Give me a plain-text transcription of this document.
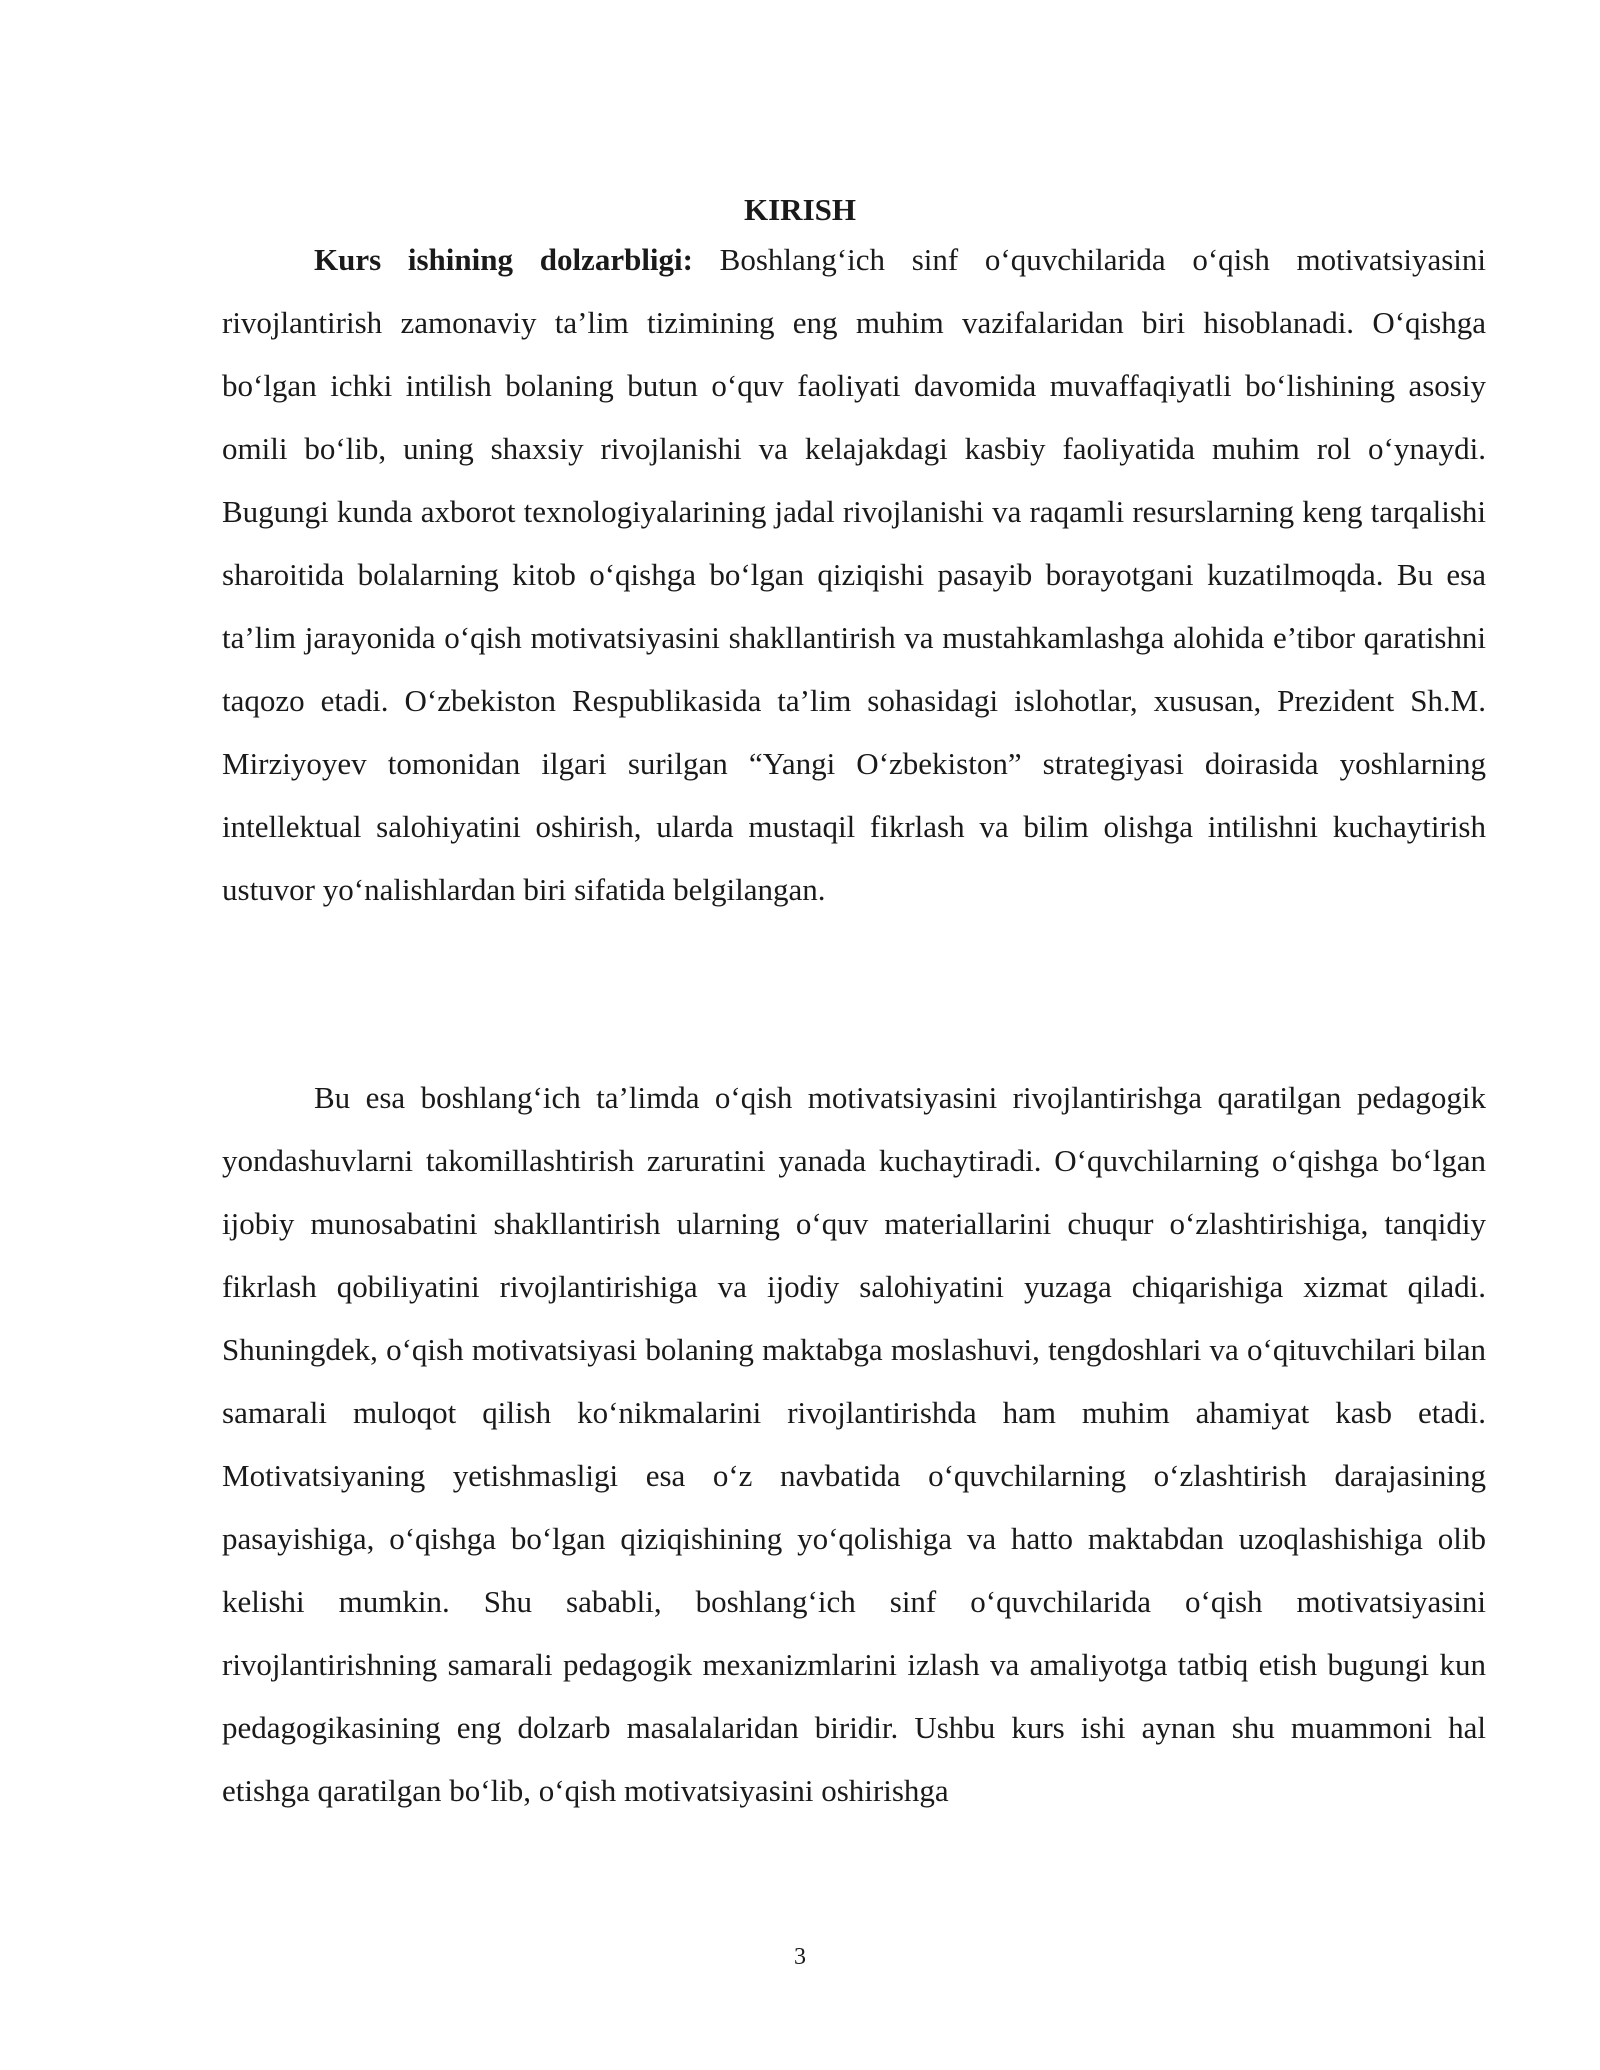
KIRISH

Kurs ishining dolzarbligi: Boshlang‘ich sinf o‘quvchilarida o‘qish motivatsiyasini rivojlantirish zamonaviy ta’lim tizimining eng muhim vazifalaridan biri hisoblanadi. O‘qishga bo‘lgan ichki intilish bolaning butun o‘quv faoliyati davomida muvaffaqiyatli bo‘lishining asosiy omili bo‘lib, uning shaxsiy rivojlanishi va kelajakdagi kasbiy faoliyatida muhim rol o‘ynaydi. Bugungi kunda axborot texnologiyalarining jadal rivojlanishi va raqamli resurslarning keng tarqalishi sharoitida bolalarning kitob o‘qishga bo‘lgan qiziqishi pasayib borayotgani kuzatilmoqda. Bu esa ta’lim jarayonida o‘qish motivatsiyasini shakllantirish va mustahkamlashga alohida e’tibor qaratishni taqozo etadi. O‘zbekiston Respublikasida ta’lim sohasidagi islohotlar, xususan, Prezident Sh.M. Mirziyoyev tomonidan ilgari surilgan “Yangi O‘zbekiston” strategiyasi doirasida yoshlarning intellektual salohiyatini oshirish, ularda mustaqil fikrlash va bilim olishga intilishni kuchaytirish ustuvor yo‘nalishlardan biri sifatida belgilangan.

Bu esa boshlang‘ich ta’limda o‘qish motivatsiyasini rivojlantirishga qaratilgan pedagogik yondashuvlarni takomillashtirish zaruratini yanada kuchaytiradi. O‘quvchilarning o‘qishga bo‘lgan ijobiy munosabatini shakllantirish ularning o‘quv materiallarini chuqur o‘zlashtirishiga, tanqidiy fikrlash qobiliyatini rivojlantirishiga va ijodiy salohiyatini yuzaga chiqarishiga xizmat qiladi. Shuningdek, o‘qish motivatsiyasi bolaning maktabga moslashuvi, tengdoshlari va o‘qituvchilari bilan samarali muloqot qilish ko‘nikmalarini rivojlantirishda ham muhim ahamiyat kasb etadi. Motivatsiyaning yetishmasligi esa o‘z navbatida o‘quvchilarning o‘zlashtirish darajasining pasayishiga, o‘qishga bo‘lgan qiziqishining yo‘qolishiga va hatto maktabdan uzoqlashishiga olib kelishi mumkin. Shu sababli, boshlang‘ich sinf o‘quvchilarida o‘qish motivatsiyasini rivojlantirishning samarali pedagogik mexanizmlarini izlash va amaliyotga tatbiq etish bugungi kun pedagogikasining eng dolzarb masalalaridan biridir. Ushbu kurs ishi aynan shu muammoni hal etishga qaratilgan bo‘lib, o‘qish motivatsiyasini oshirishga

3
